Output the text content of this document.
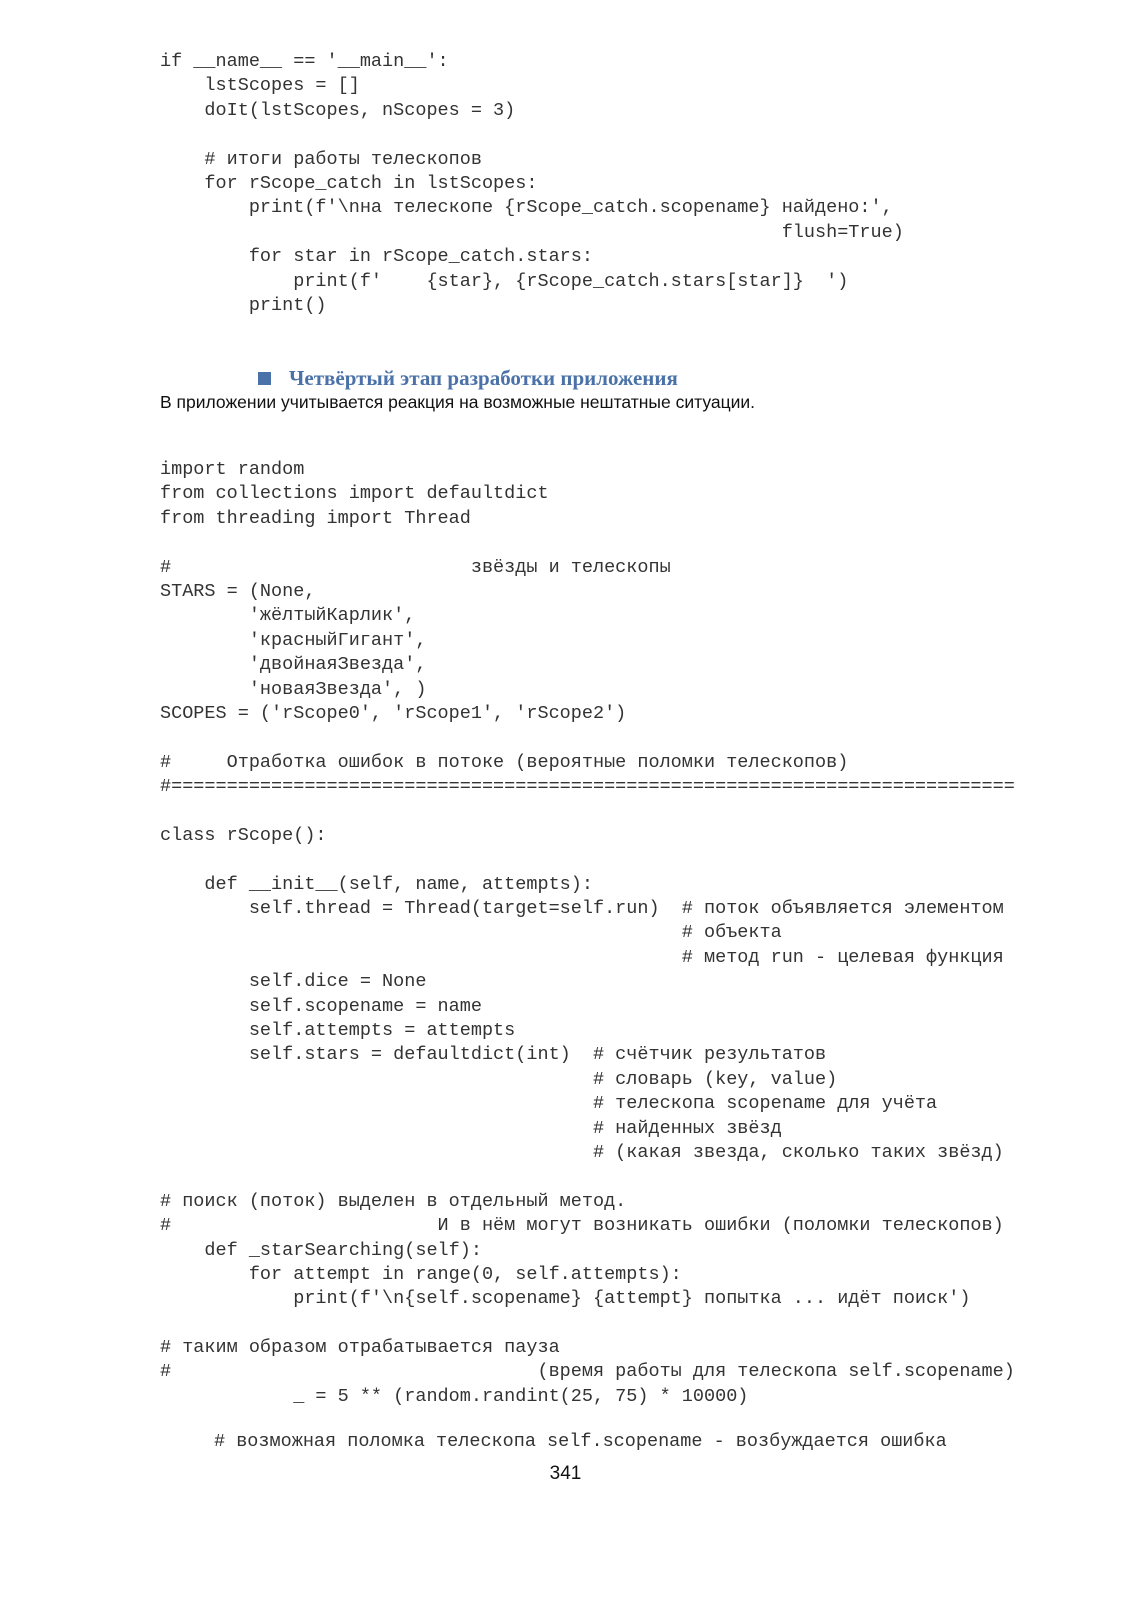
if __name__ == '__main__':
lstScopes = []
doIt(lstScopes, nScopes = 3)

# итоги работы телескопов
for rScope_catch in lstScopes:
print(f'\nна телескопе {rScope_catch.scopename} найдено:',
flush=True)
for star in rScope_catch.stars:
print(f'    {star}, {rScope_catch.stars[star]}  ')
print()
Четвёртый этап разработки приложения
В приложении учитывается реакция на возможные нештатные ситуации.
import random
from collections import defaultdict
from threading import Thread

#                           звёзды и телескопы
STARS = (None,
'жёлтыйКарлик',
'красныйГигант',
'двойнаяЗвезда',
'новаяЗвезда', )
SCOPES = ('rScope0', 'rScope1', 'rScope2')

#     Отработка ошибок в потоке (вероятные поломки телескопов)
#============================================================================

class rScope():

def __init__(self, name, attempts):
self.thread = Thread(target=self.run)  # поток объявляется элементом
# объекта
# метод run - целевая функция
self.dice = None
self.scopename = name
self.attempts = attempts
self.stars = defaultdict(int)  # счётчик результатов
# словарь (key, value)
# телескопа scopename для учёта
# найденных звёзд
# (какая звезда, сколько таких звёзд)

# поиск (поток) выделен в отдельный метод.
#                        И в нём могут возникать ошибки (поломки телескопов)
def _starSearching(self):
for attempt in range(0, self.attempts):
print(f'\n{self.scopename} {attempt} попытка ... идёт поиск')

# таким образом отрабатывается пауза
#                                 (время работы для телескопа self.scopename)
_ = 5 ** (random.randint(25, 75) * 10000)
# возможная поломка телескопа self.scopename - возбуждается ошибка
341
